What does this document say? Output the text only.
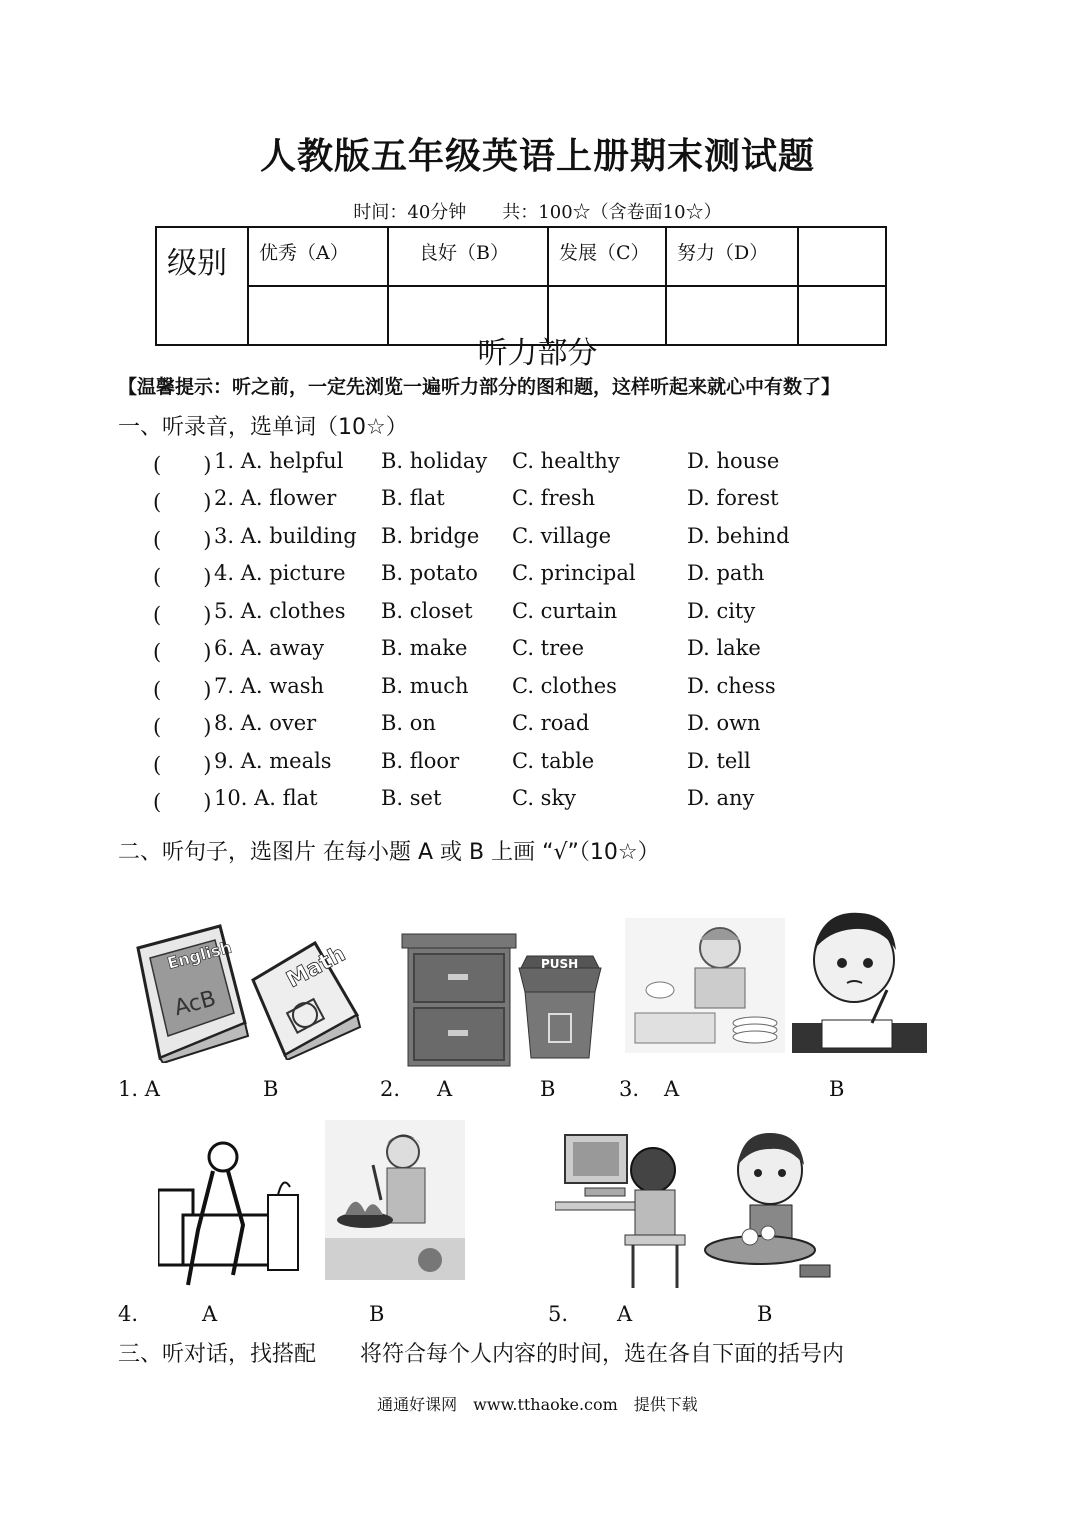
人教版五年级英语上册期末测试题
时间：40分钟　　共：100☆（含卷面10☆）
级别	优秀（A）	良好（B）	发展（C）	努力（D）	

听力部分
【温馨提示：听之前，一定先浏览一遍听力部分的图和题，这样听起来就心中有数了】
一、听录音，选单词（10☆）
(　　) 1. A. helpful B. holiday C. healthy	D. house
(　　) 2. A. flower B. flat	C. fresh	D. forest
(　　) 3. A. building B. bridge C. village	D. behind
(　　) 4. A. picture B. potato C. principal D. path
(　　) 5. A. clothes B. closet C. curtain	D. city
(　　) 6. A. away	B. make C. tree	D. lake
(　　) 7. A. wash	B. much C. clothes	D. chess
(　　) 8. A. over	B. on	C. road	D. own
(　　) 9. A. meals B. floor	C. table	D. tell
(　　) 10. A. flat	B. set	C. sky	D. any
二、听句子，选图片 在每小题 A 或 B 上画 “√”（10☆）
English
AcB
Math	PUSH
1. A	B	2. A	B	3. A	B
4.	A	B	5. A	B
三、听对话，找搭配　　将符合每个人内容的时间，选在各自下面的括号内
通通好课网　www.tthaoke.com　提供下载
